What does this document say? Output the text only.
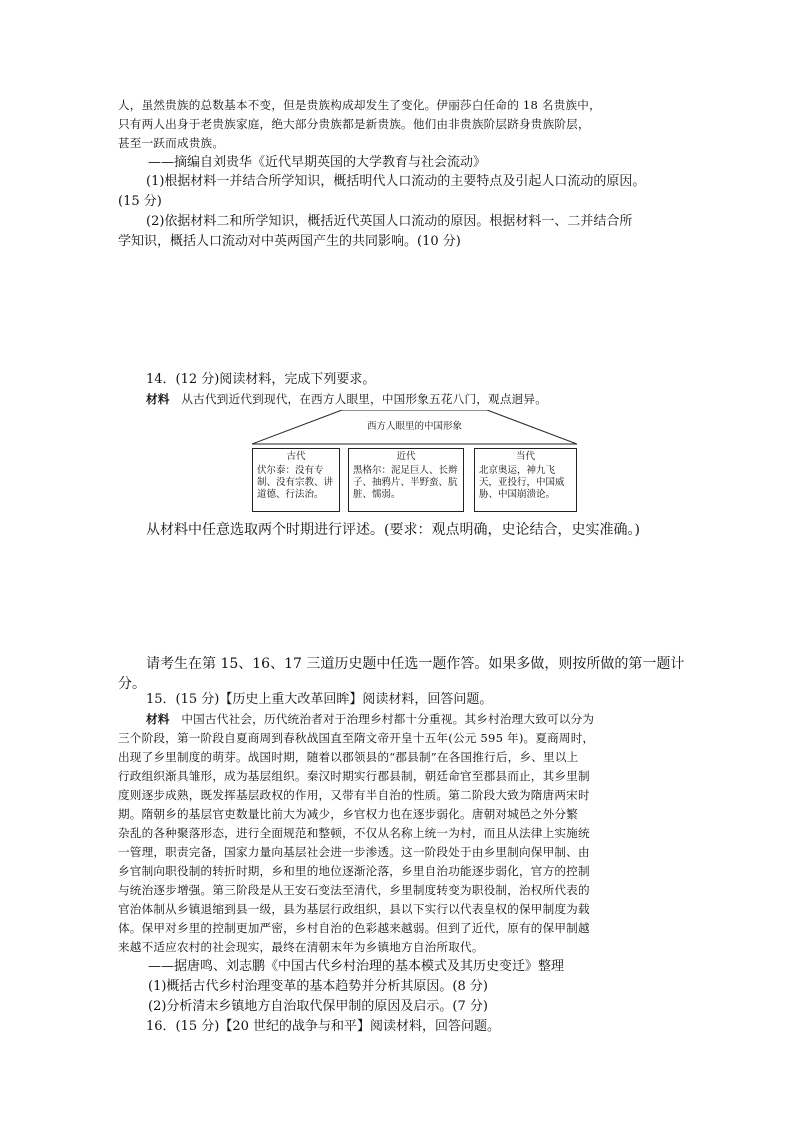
人，虽然贵族的总数基本不变，但是贵族构成却发生了变化。伊丽莎白任命的 18 名贵族中，

只有两人出身于老贵族家庭，绝大部分贵族都是新贵族。他们由非贵族阶层跻身贵族阶层，

甚至一跃而成贵族。

——摘编自刘贵华《近代早期英国的大学教育与社会流动》

(1)根据材料一并结合所学知识，概括明代人口流动的主要特点及引起人口流动的原因。

(15 分)

(2)依据材料二和所学知识，概括近代英国人口流动的原因。根据材料一、二并结合所

学知识，概括人口流动对中英两国产生的共同影响。(10 分)

14．(12 分)阅读材料，完成下列要求。

材料　 从古代到近代到现代，在西方人眼里，中国形象五花八门，观点迥异。

西方人眼里的中国形象
古代
伏尔泰：没有专制、没有宗教、讲道德、行法治。
近代
黑格尔：泥足巨人、长辫子、抽鸦片、半野蛮、肮脏、懦弱。
当代
北京奥运，神九飞天，亚投行，中国威胁、中国崩溃论。

从材料中任意选取两个时期进行评述。(要求：观点明确，史论结合，史实准确。)

请考生在第 15、16、17 三道历史题中任选一题作答。如果多做，则按所做的第一题计

分。

15．(15 分)【历史上重大改革回眸】阅读材料，回答问题。

材料　 中国古代社会，历代统治者对于治理乡村都十分重视。其乡村治理大致可以分为

三个阶段，第一阶段自夏商周到春秋战国直至隋文帝开皇十五年(公元 595 年)。夏商周时，

出现了乡里制度的萌芽。战国时期，随着以郡领县的“郡县制”在各国推行后，乡、里以上

行政组织渐具雏形，成为基层组织。秦汉时期实行郡县制，朝廷命官至郡县而止，其乡里制

度则逐步成熟，既发挥基层政权的作用，又带有半自治的性质。第二阶段大致为隋唐两宋时

期。隋朝乡的基层官吏数量比前大为减少，乡官权力也在逐步弱化。唐朝对城邑之外分繁

杂乱的各种聚落形态，进行全面规范和整顿，不仅从名称上统一为村，而且从法律上实施统

一管理，职责完备，国家力量向基层社会进一步渗透。这一阶段处于由乡里制向保甲制、由

乡官制向职役制的转折时期，乡和里的地位逐渐沦落，乡里自治功能逐步弱化，官方的控制

与统治逐步增强。第三阶段是从王安石变法至清代，乡里制度转变为职役制，治权所代表的

官治体制从乡镇退缩到县一级，县为基层行政组织，县以下实行以代表皇权的保甲制度为载

体。保甲对乡里的控制更加严密，乡村自治的色彩越来越弱。但到了近代，原有的保甲制越

来越不适应农村的社会现实，最终在清朝末年为乡镇地方自治所取代。

——据唐鸣、刘志鹏《中国古代乡村治理的基本模式及其历史变迁》整理

(1)概括古代乡村治理变革的基本趋势并分析其原因。(8 分)

(2)分析清末乡镇地方自治取代保甲制的原因及启示。(7 分)

16．(15 分)【20 世纪的战争与和平】阅读材料，回答问题。
